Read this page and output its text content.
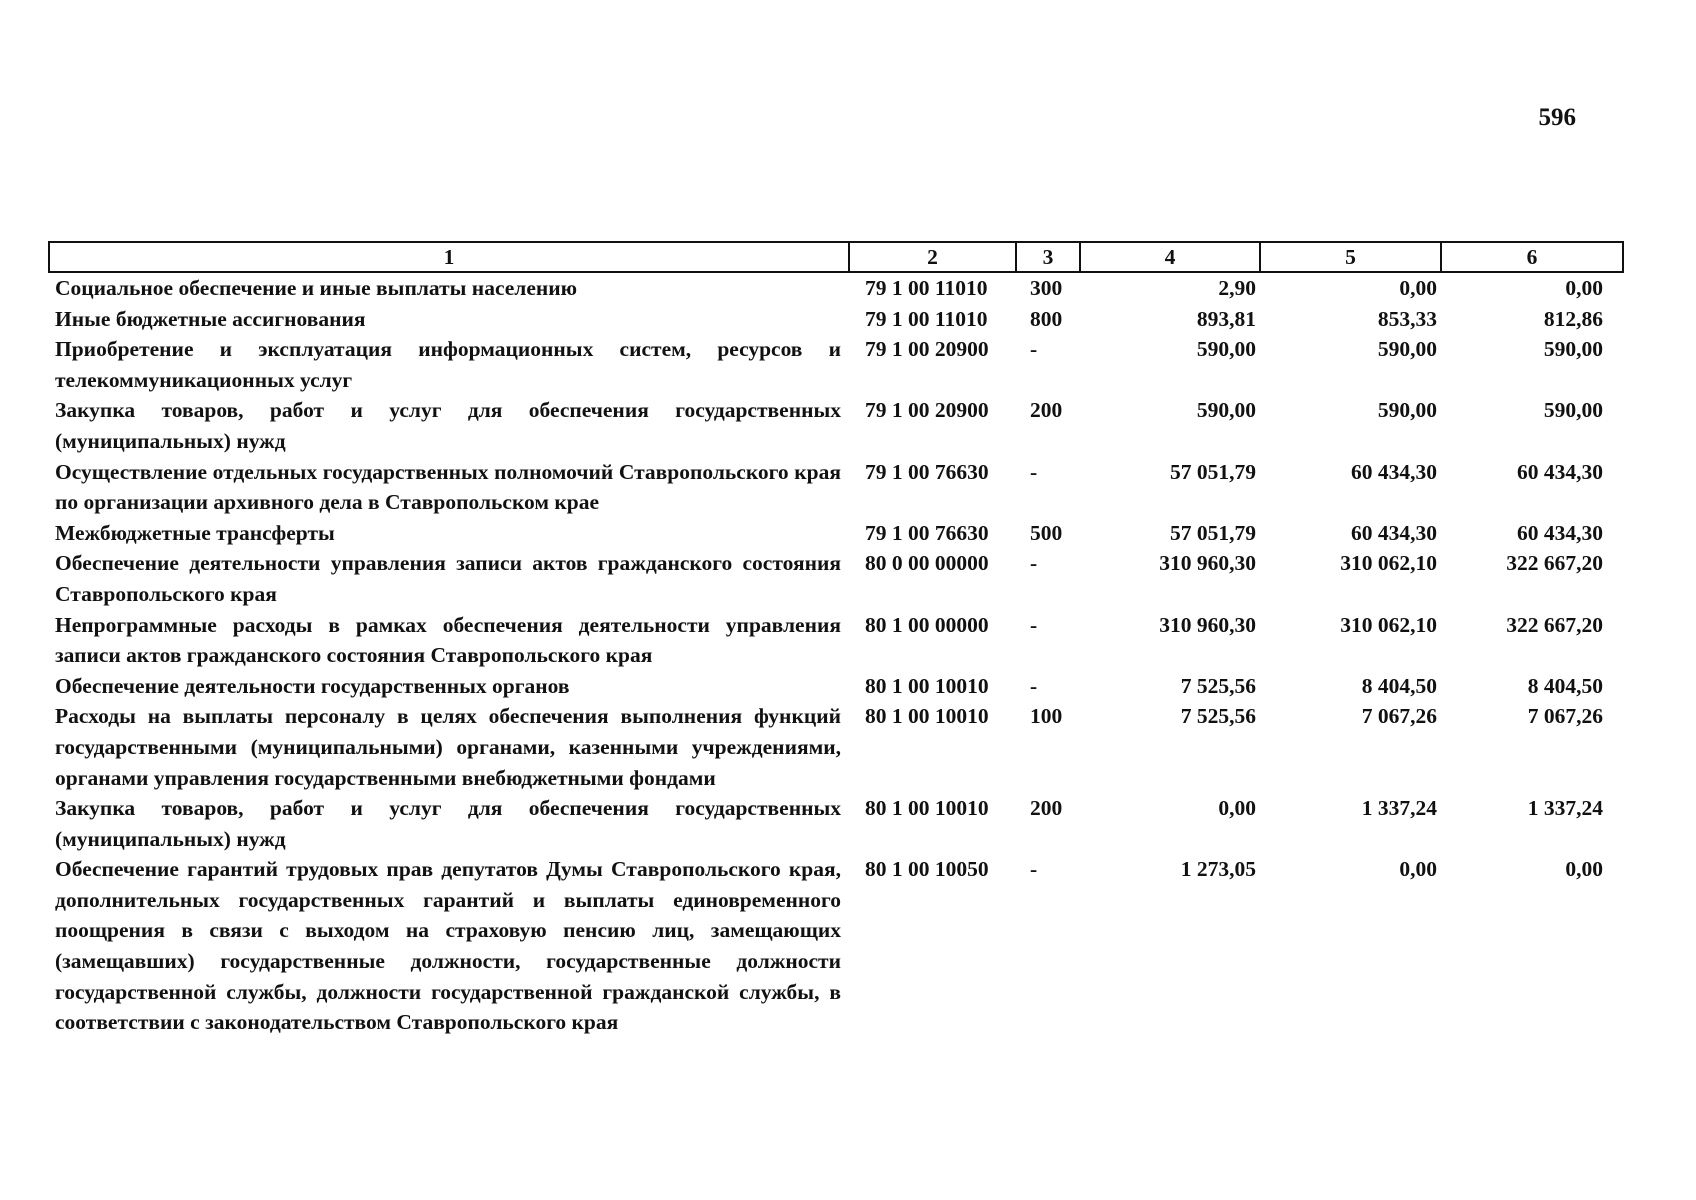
596
1	2	3	4	5	6
Социальное обеспечение и иные выплаты населению	79 1 00 11010	300	2,90	0,00	0,00
Иные бюджетные ассигнования	79 1 00 11010	800	893,81	853,33	812,86
Приобретение и эксплуатация информационных систем, ресурсов и телекоммуникационных услуг	79 1 00 20900	-	590,00	590,00	590,00
Закупка товаров, работ и услуг для обеспечения государственных (муниципальных) нужд	79 1 00 20900	200	590,00	590,00	590,00
Осуществление отдельных государственных полномочий Ставропольского края по организации архивного дела в Ставропольском крае	79 1 00 76630	-	57 051,79	60 434,30	60 434,30
Межбюджетные трансферты	79 1 00 76630	500	57 051,79	60 434,30	60 434,30
Обеспечение деятельности управления записи актов гражданского состояния Ставропольского края	80 0 00 00000	-	310 960,30	310 062,10	322 667,20
Непрограммные расходы в рамках обеспечения деятельности управления записи актов гражданского состояния Ставропольского края	80 1 00 00000	-	310 960,30	310 062,10	322 667,20
Обеспечение деятельности государственных органов	80 1 00 10010	-	7 525,56	8 404,50	8 404,50
Расходы на выплаты персоналу в целях обеспечения выполнения функций государственными (муниципальными) органами, казенными учреждениями, органами управления государственными внебюджетными фондами	80 1 00 10010	100	7 525,56	7 067,26	7 067,26
Закупка товаров, работ и услуг для обеспечения государственных (муниципальных) нужд	80 1 00 10010	200	0,00	1 337,24	1 337,24
Обеспечение гарантий трудовых прав депутатов Думы Ставропольского края, дополнительных государственных гарантий и выплаты единовременного поощрения в связи с выходом на страховую пенсию лиц, замещающих (замещавших) государственные должности, государственные должности государственной службы, должности государственной гражданской службы, в соответствии с законодательством Ставропольского края	80 1 00 10050	-	1 273,05	0,00	0,00
